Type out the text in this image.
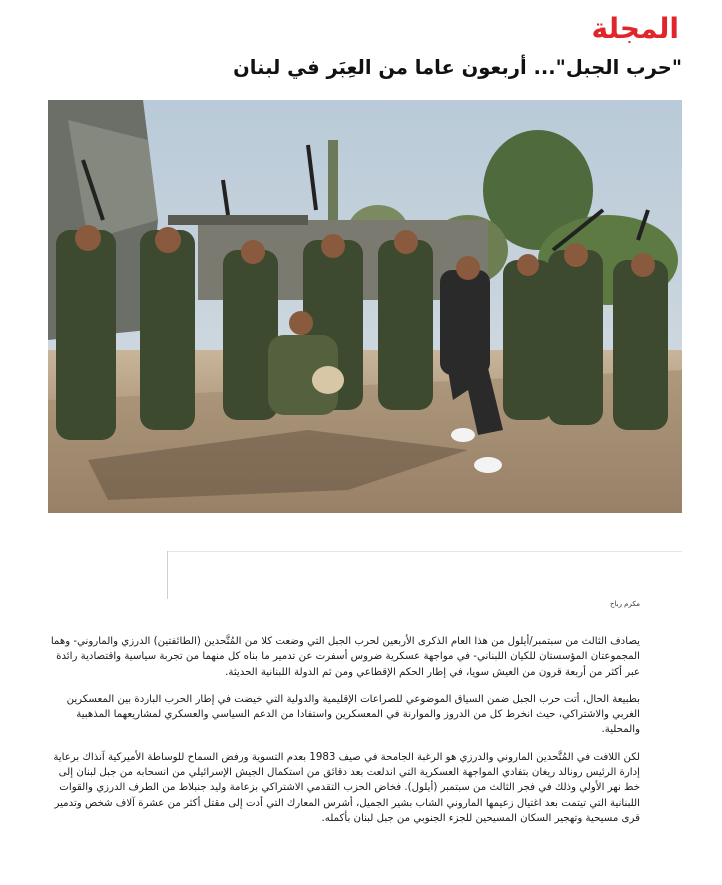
المجلة
"حرب الجبل"... أربعون عاما من العِبَر في لبنان
مكرم رباح

يصادف الثالث من سبتمبر/أيلول من هذا العام الذكرى الأربعين لحرب الجبل التي وضعت كلا من المُتَّحدين (الطائفتين) الدرزي والماروني- وهما المجموعتان المؤسستان للكيان اللبناني- في مواجهة عسكرية ضروس أسفرت عن تدمير ما بناه كل منهما من تجربة سياسية واقتصادية رائدة عبر أكثر من أربعة قرون من العيش سويا، في إطار الحكم الإقطاعي ومن ثم الدولة اللبنانية الحديثة.

بطبيعة الحال، أتت حرب الجبل ضمن السياق الموضوعي للصراعات الإقليمية والدولية التي خيضت في إطار الحرب الباردة بين المعسكرين الغربي والاشتراكي، حيث انخرط كل من الدروز والموارنة في المعسكرين واستفادا من الدعم السياسي والعسكري لمشاريعهما المذهبية والمحلية.

لكن اللافت في المُتَّحدين الماروني والدرزي هو الرغبة الجامحة في صيف 1983 بعدم التسوية ورفض السماح للوساطة الأميركية آنذاك برعاية إدارة الرئيس رونالد ريغان بتفادي المواجهة العسكرية التي اندلعت بعد دقائق من استكمال الجيش الإسرائيلي من انسحابه من جبل لبنان إلى خط نهر الأولي وذلك في فجر الثالث من سبتمبر (أيلول). فخاض الحزب التقدمي الاشتراكي بزعامة وليد جنبلاط من الطرف الدرزي والقوات اللبنانية التي تيتمت بعد اغتيال زعيمها الماروني الشاب بشير الجميل، أشرس المعارك التي أدت إلى مقتل أكثر من عشرة آلاف شخص وتدمير قرى مسيحية وتهجير السكان المسيحين للجزء الجنوبي من جبل لبنان بأكمله.
